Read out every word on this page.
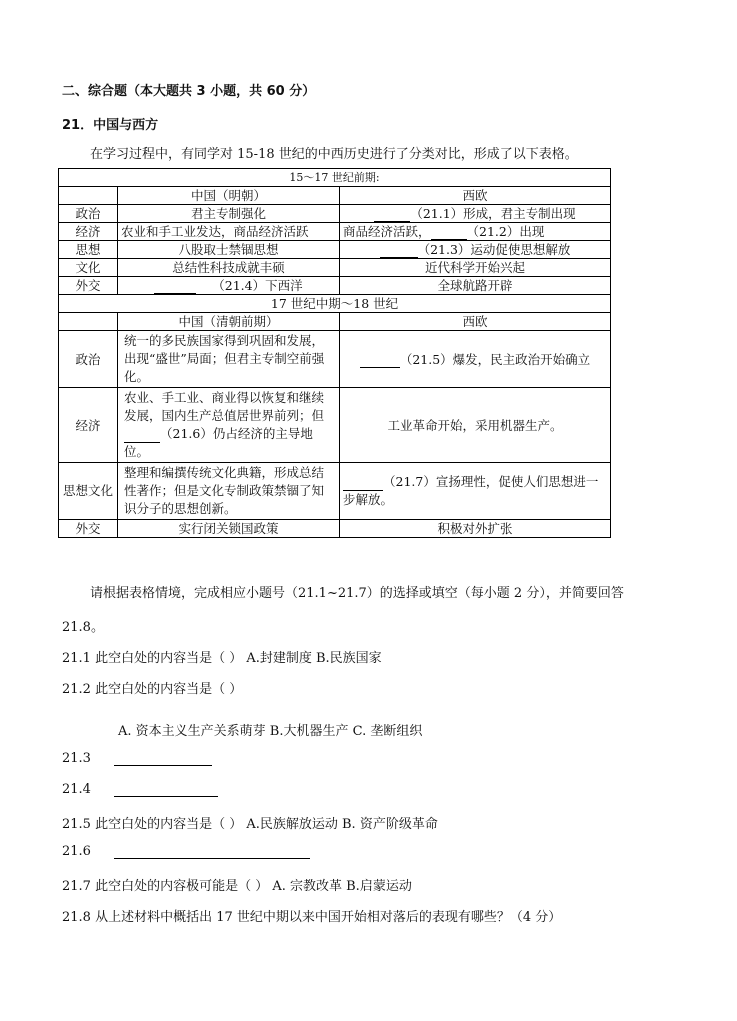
二、综合题（本大题共 3 小题，共 60 分）
21．中国与西方
在学习过程中，有同学对 15-18 世纪的中西历史进行了分类对比，形成了以下表格。
15～17 世纪前期:		
	中国（明朝）	西欧
政治	君主专制强化	（21.1）形成，君主专制出现
经济	农业和手工业发达，商品经济活跃	商品经济活跃， （21.2）出现
思想	八股取士禁锢思想	（21.3）运动促使思想解放
文化	总结性科技成就丰硕	近代科学开始兴起
外交	（21.4）下西洋	全球航路开辟
17 世纪中期～18 世纪		
	中国（清朝前期）	西欧
政治	统一的多民族国家得到巩固和发展，出现“盛世”局面；但君主专制空前强化。	（21.5）爆发，民主政治开始确立
经济	农业、手工业、商业得以恢复和继续发展，国内生产总值居世界前列；但（21.6）仍占经济的主导地位。	工业革命开始，采用机器生产。
思想文化	整理和编撰传统文化典籍，形成总结性著作；但是文化专制政策禁锢了知识分子的思想创新。	（21.7）宣扬理性，促使人们思想进一步解放。
外交	实行闭关锁国政策	积极对外扩张
请根据表格情境，完成相应小题号（21.1~21.7）的选择或填空（每小题 2 分），并简要回答
21.8。
21.1 此空白处的内容当是（ ） A.封建制度 B.民族国家
21.2 此空白处的内容当是（ ）
A. 资本主义生产关系萌芽 B.大机器生产 C. 垄断组织
21.3
21.4
21.5 此空白处的内容当是（ ） A.民族解放运动 B. 资产阶级革命
21.6
21.7 此空白处的内容极可能是（ ） A. 宗教改革 B.启蒙运动
21.8 从上述材料中概括出 17 世纪中期以来中国开始相对落后的表现有哪些？（4 分）
